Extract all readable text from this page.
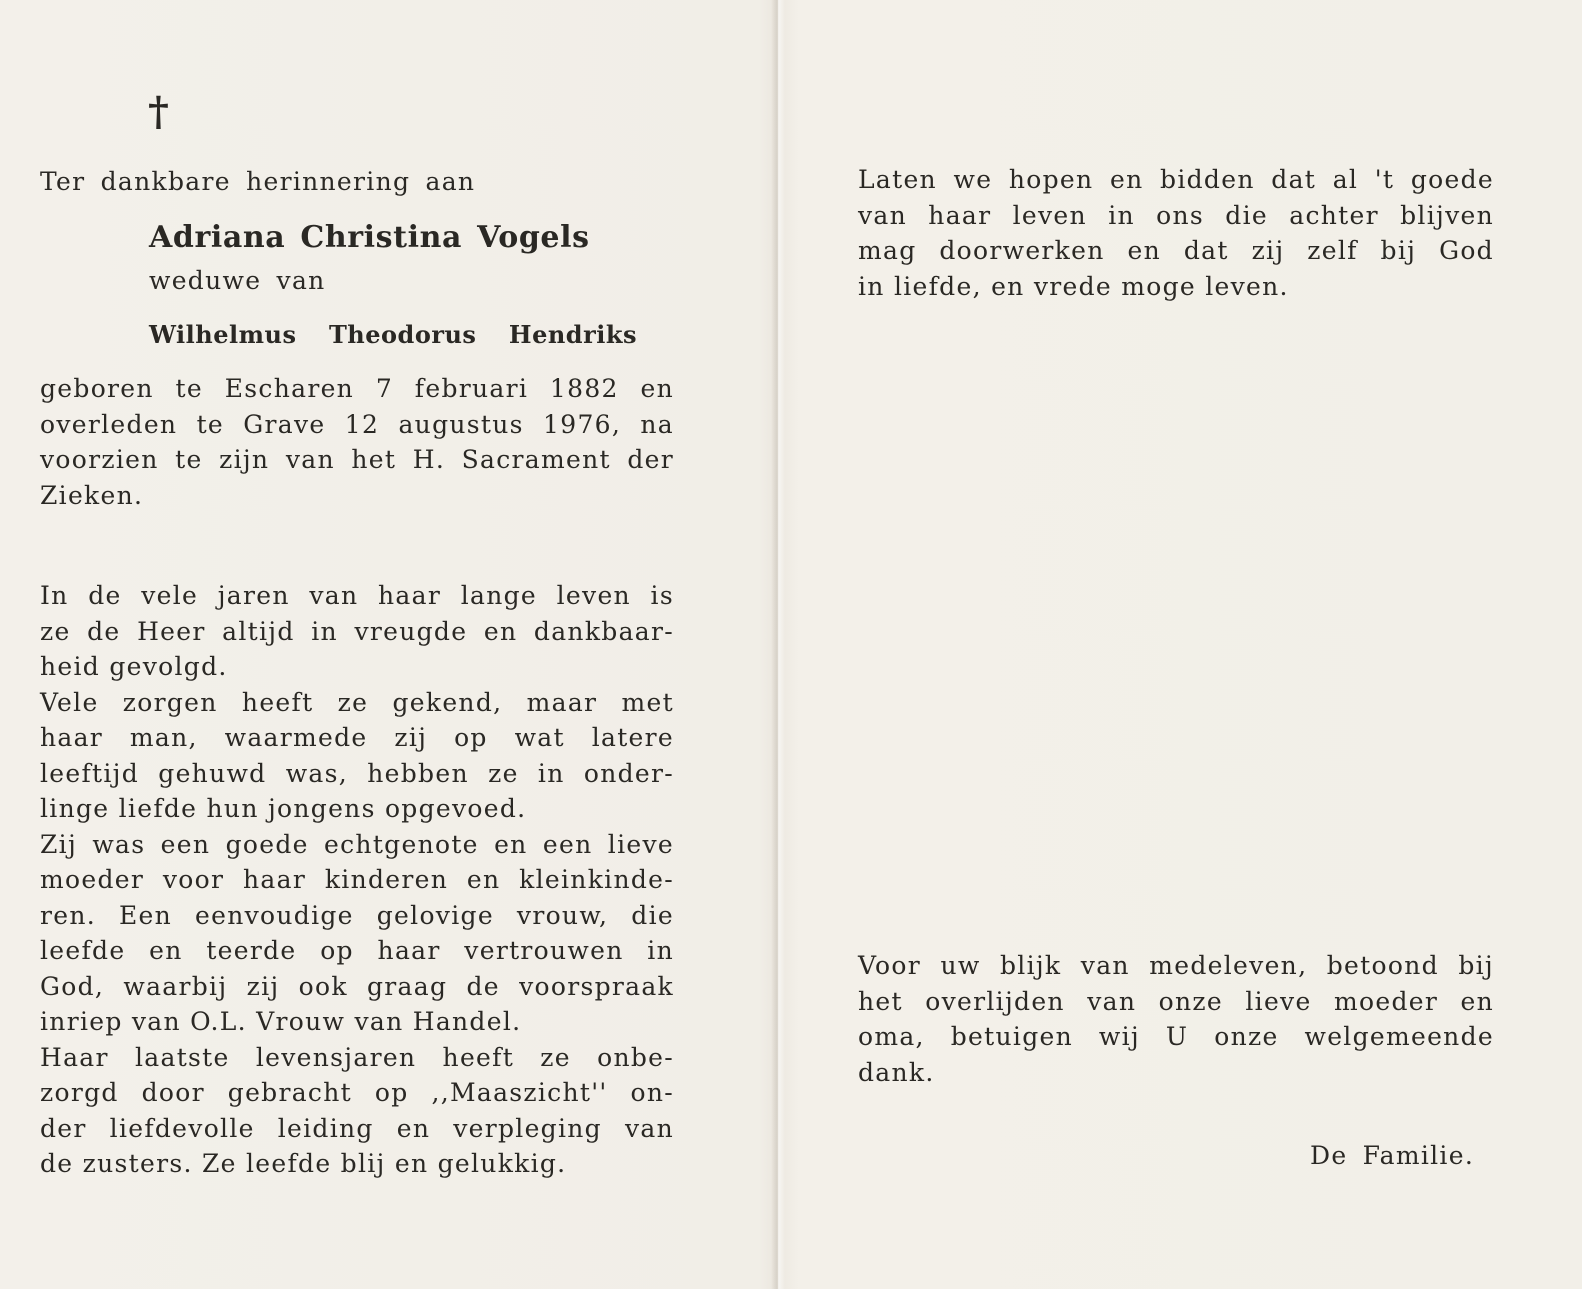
†
Ter dankbare herinnering aan
Adriana Christina Vogels
weduwe van
Wilhelmus Theodorus Hendriks
geboren te Escharen 7 februari 1882 en
overleden te Grave 12 augustus 1976, na
voorzien te zijn van het H. Sacrament der
Zieken.
In de vele jaren van haar lange leven is
ze de Heer altijd in vreugde en dankbaar-
heid gevolgd.
Vele zorgen heeft ze gekend, maar met
haar man, waarmede zij op wat latere
leeftijd gehuwd was, hebben ze in onder-
linge liefde hun jongens opgevoed.
Zij was een goede echtgenote en een lieve
moeder voor haar kinderen en kleinkinde-
ren. Een eenvoudige gelovige vrouw, die
leefde en teerde op haar vertrouwen in
God, waarbij zij ook graag de voorspraak
inriep van O.L. Vrouw van Handel.
Haar laatste levensjaren heeft ze onbe-
zorgd door gebracht op ,,Maaszicht'' on-
der liefdevolle leiding en verpleging van
de zusters. Ze leefde blij en gelukkig.
Laten we hopen en bidden dat al 't goede
van haar leven in ons die achter blijven
mag doorwerken en dat zij zelf bij God
in liefde, en vrede moge leven.
Voor uw blijk van medeleven, betoond bij
het overlijden van onze lieve moeder en
oma, betuigen wij U onze welgemeende
dank.
De Familie.
